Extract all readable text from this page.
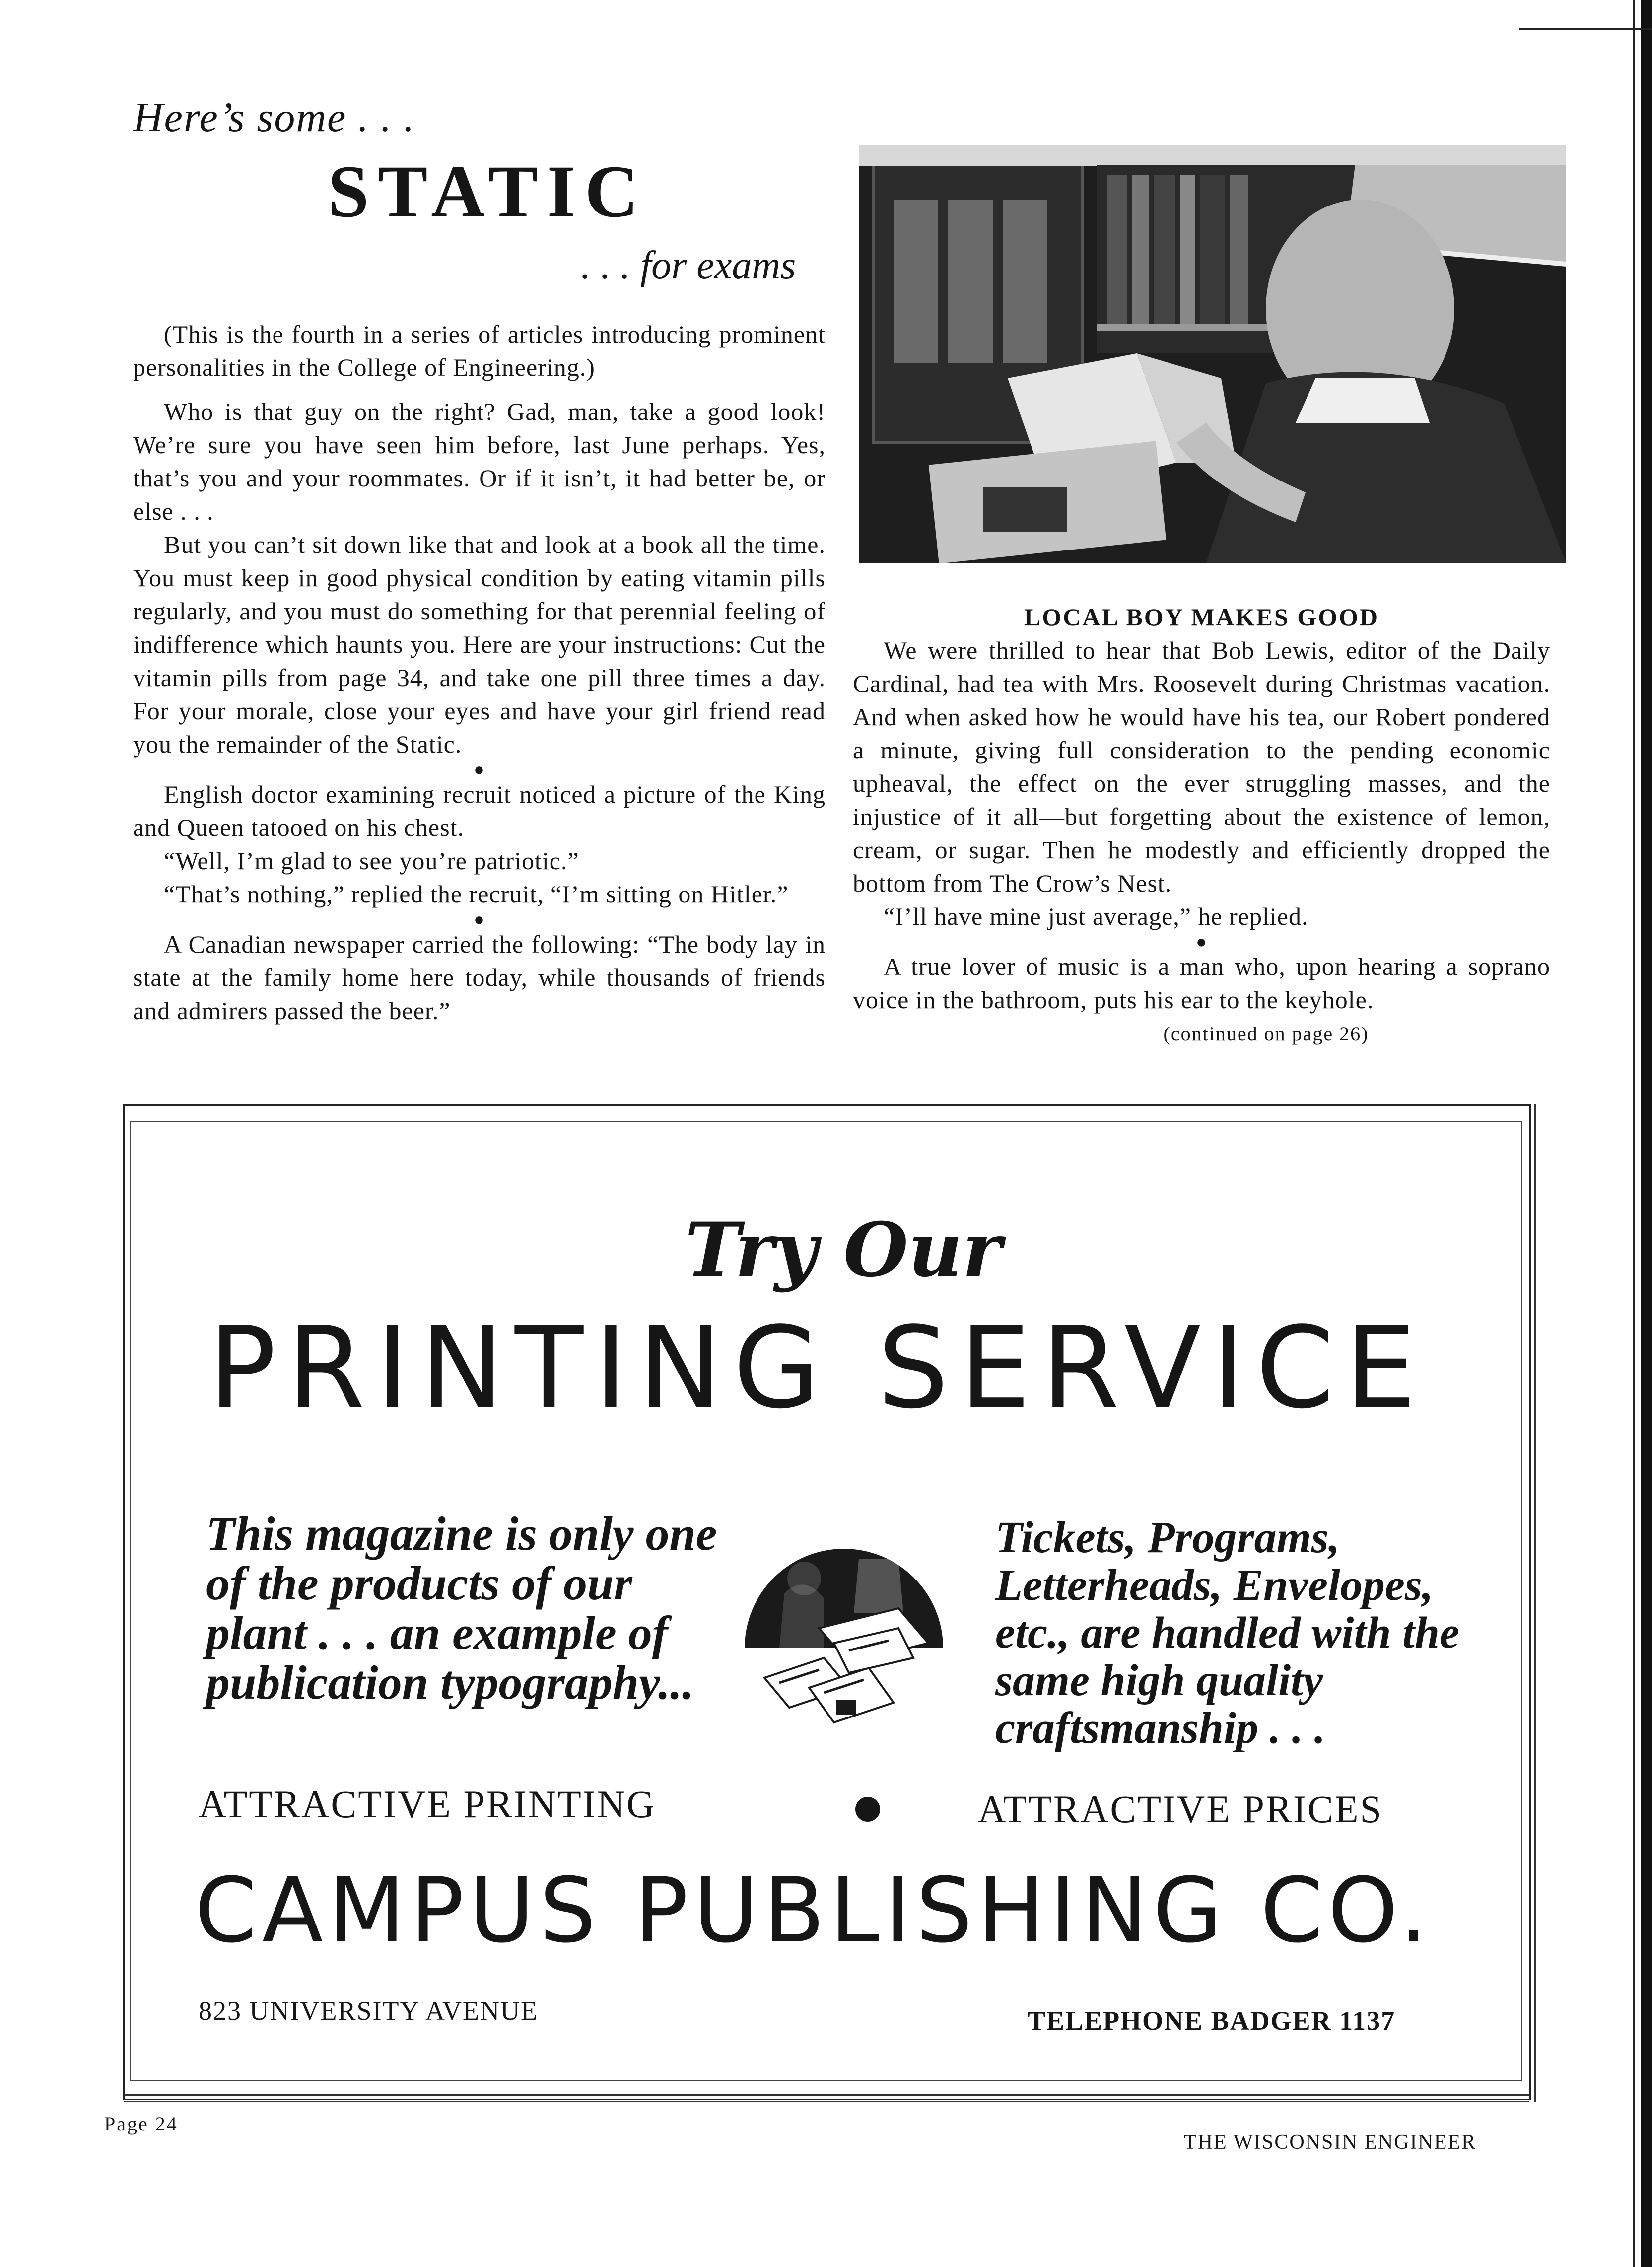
Here’s some . . .
STATIC
. . . for exams

(This is the fourth in a series of articles introducing prominent personalities in the College of Engineering.)

Who is that guy on the right? Gad, man, take a good look! We’re sure you have seen him before, last June perhaps. Yes, that’s you and your roommates. Or if it isn’t, it had better be, or else . . .

But you can’t sit down like that and look at a book all the time. You must keep in good physical condition by eating vitamin pills regularly, and you must do something for that perennial feeling of indifference which haunts you. Here are your instructions: Cut the vitamin pills from page 34, and take one pill three times a day. For your morale, close your eyes and have your girl friend read you the remainder of the Static.

●

English doctor examining recruit noticed a picture of the King and Queen tatooed on his chest.

“Well, I’m glad to see you’re patriotic.”

“That’s nothing,” replied the recruit, “I’m sitting on Hitler.”

●

A Canadian newspaper carried the following: “The body lay in state at the family home here today, while thousands of friends and admirers passed the beer.”

LOCAL BOY MAKES GOOD

We were thrilled to hear that Bob Lewis, editor of the Daily Cardinal, had tea with Mrs. Roosevelt during Christmas vacation. And when asked how he would have his tea, our Robert pondered a minute, giving full consideration to the pending economic upheaval, the effect on the ever struggling masses, and the injustice of it all—but forgetting about the existence of lemon, cream, or sugar. Then he modestly and efficiently dropped the bottom from The Crow’s Nest.

“I’ll have mine just average,” he replied.

●

A true lover of music is a man who, upon hearing a soprano voice in the bathroom, puts his ear to the keyhole.

(continued on page 26)
Try Our
PRINTING SERVICE
This magazine is only one of the products of our plant . . . an example of publication typography...
Tickets, Programs, Letterheads, Envelopes, etc., are handled with the same high quality craftsmanship . . .
ATTRACTIVE PRINTING	ATTRACTIVE PRICES
CAMPUS PUBLISHING CO.
823 UNIVERSITY AVENUE	TELEPHONE BADGER 1137
Page 24
THE WISCONSIN ENGINEER
